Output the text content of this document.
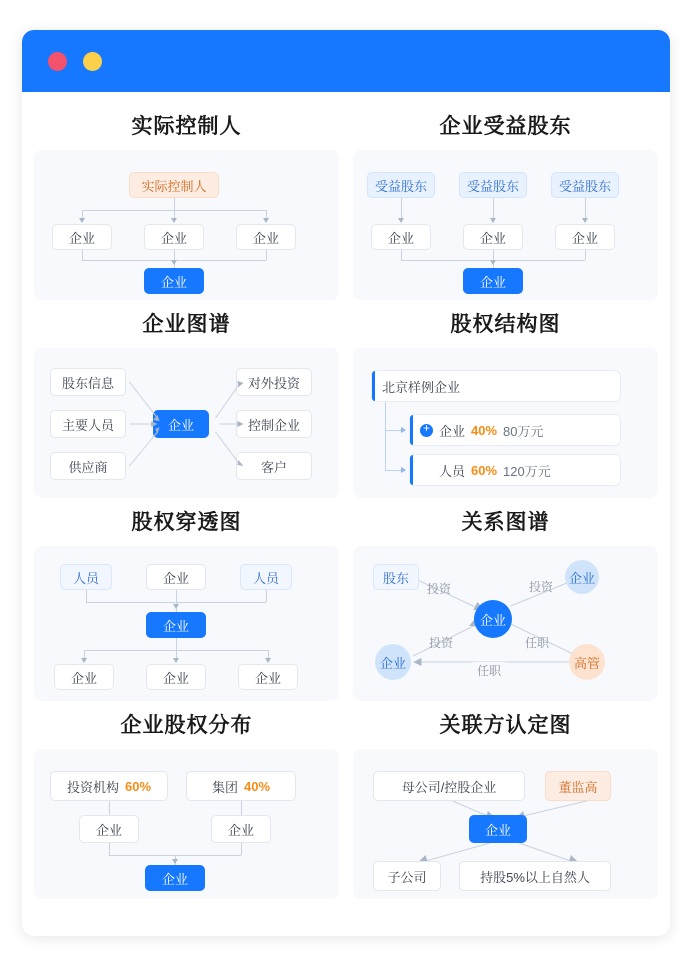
实际控制人
实际控制人
企业	企业	企业
企业
企业受益股东
受益股东	受益股东	受益股东
企业	企业	企业
企业
企业图谱
股东信息
主要人员
供应商
企业
对外投资
控制企业
客户
股权结构图
北京样例企业
+
企业 40% 80万元
人员 60% 120万元
股权穿透图
人员	企业	人员
企业
企业	企业	企业
关系图谱
股东	企业
企业
企业	高管
投资	投资
投资	任职
任职
企业股权分布
投资机构 60%	集团 40%
企业	企业
企业
关联方认定图
母公司/控股企业	董监高
企业
子公司	持股5%以上自然人
